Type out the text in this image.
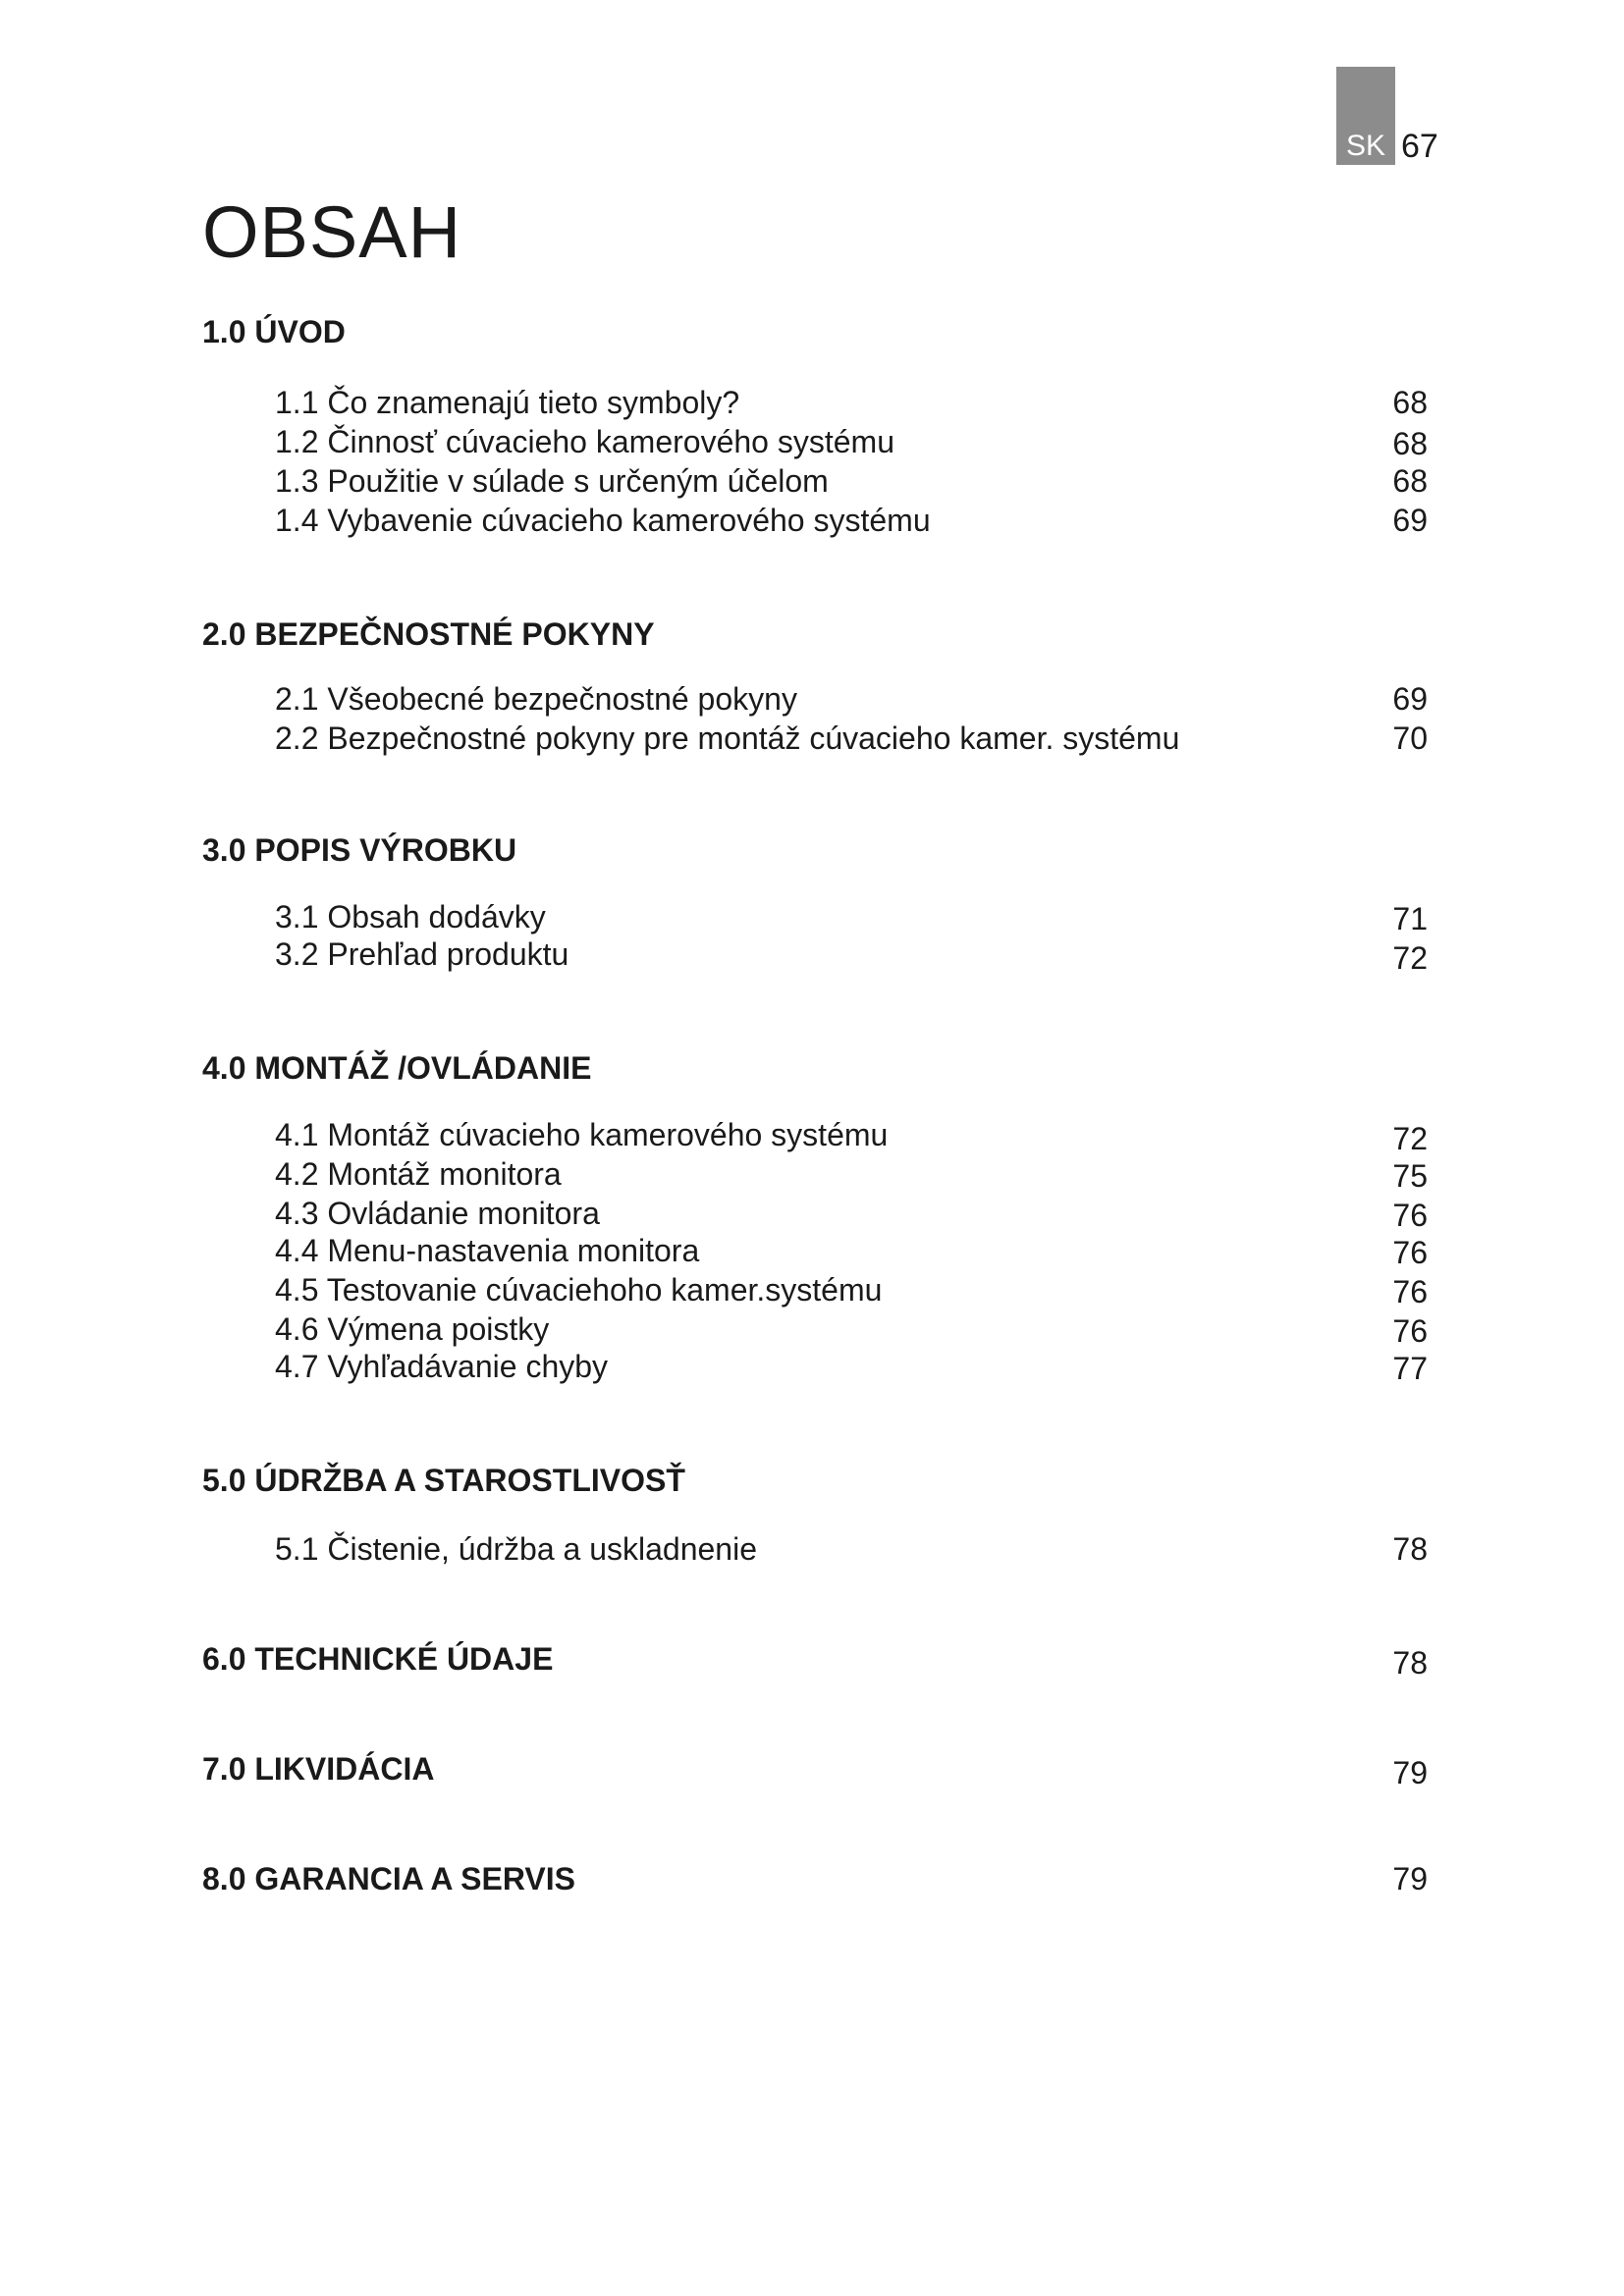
SK 67
OBSAH
1.0 ÚVOD
1.1 Čo znamenajú tieto symboly?	68
1.2 Činnosť cúvacieho kamerového systému	68
1.3 Použitie v súlade s určeným účelom	68
1.4 Vybavenie cúvacieho kamerového systému	69
2.0 BEZPEČNOSTNÉ POKYNY
2.1 Všeobecné bezpečnostné pokyny	69
2.2 Bezpečnostné pokyny pre montáž cúvacieho kamer. systému	70
3.0 POPIS VÝROBKU
3.1 Obsah dodávky	71
3.2 Prehľad produktu	72
4.0 MONTÁŽ /OVLÁDANIE
4.1 Montáž cúvacieho kamerového systému	72
4.2 Montáž monitora	75
4.3 Ovládanie monitora	76
4.4 Menu-nastavenia monitora	76
4.5 Testovanie cúvaciehoho kamer.systému	76
4.6 Výmena poistky	76
4.7 Vyhľadávanie chyby	77
5.0 ÚDRŽBA A STAROSTLIVOSŤ
5.1 Čistenie, údržba a uskladnenie	78
6.0 TECHNICKÉ ÚDAJE	78
7.0 LIKVIDÁCIA	79
8.0 GARANCIA A SERVIS	79
